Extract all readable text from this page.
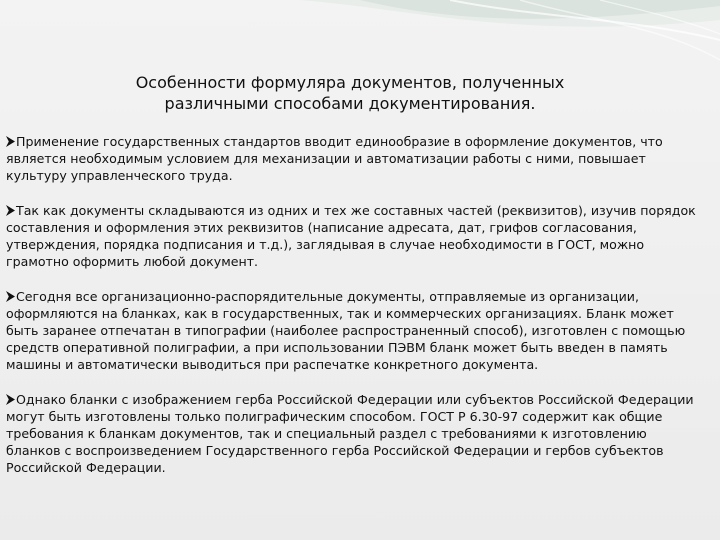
Особенности формуляра документов, полученных
различными способами документирования.

Применение государственных стандартов вводит единообразие в оформление документов, что является необходимым условием для механизации и автоматизации работы с ними, повышает культуру управленческого труда.

Так как документы складываются из одних и тех же составных частей (реквизитов), изучив порядок составления и оформления этих реквизитов (написание адресата, дат, грифов согласования, утверждения, порядка подписания и т.д.), заглядывая в случае необходимости в ГОСТ, можно грамотно оформить любой документ.

Сегодня все организационно-распорядительные документы, отправляемые из организации, оформляются на бланках, как в государственных, так и коммерческих организациях. Бланк может быть заранее отпечатан в типографии (наиболее распространенный способ), изготовлен с помощью средств оперативной полиграфии, а при использовании ПЭВМ бланк может быть введен в память машины и автоматически выводиться при распечатке конкретного документа.

Однако бланки с изображением герба Российской Федерации или субъектов Российской Федерации могут быть изготовлены только полиграфическим способом. ГОСТ Р 6.30-97 содержит как общие требования к бланкам документов, так и специальный раздел с требованиями к изготовлению бланков с воспроизведением Государственного герба Российской Федерации и гербов субъектов Российской Федерации.
